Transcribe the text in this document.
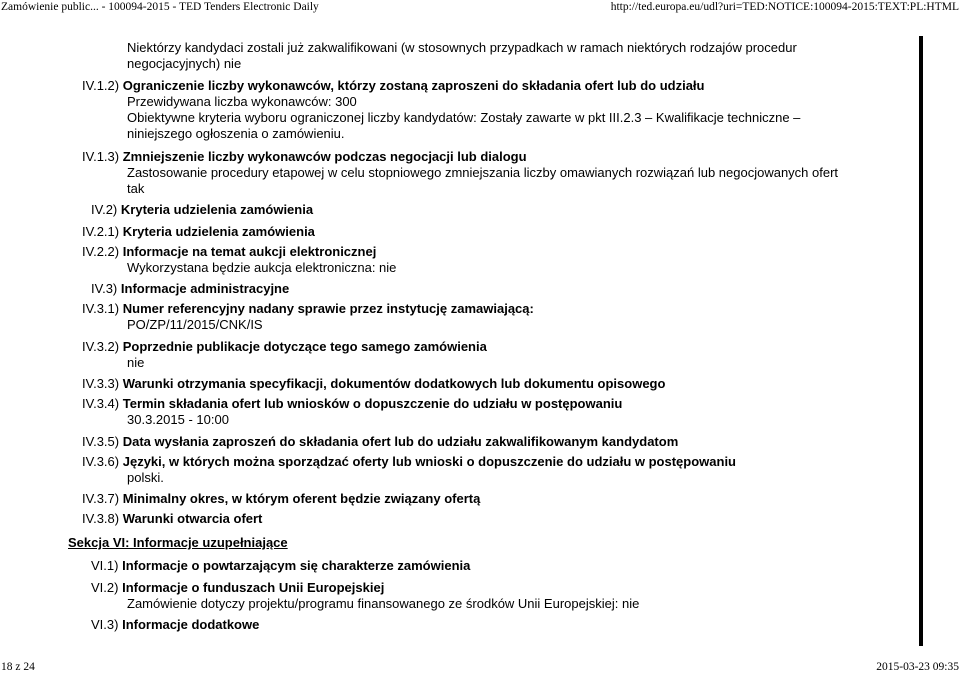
Zamówienie public... - 100094-2015 - TED Tenders Electronic Daily	http://ted.europa.eu/udl?uri=TED:NOTICE:100094-2015:TEXT:PL:HTML
Niektórzy kandydaci zostali już zakwalifikowani (w stosownych przypadkach w ramach niektórych rodzajów procedur
negocjacyjnych) nie
IV.1.2) Ograniczenie liczby wykonawców, którzy zostaną zaproszeni do składania ofert lub do udziału
Przewidywana liczba wykonawców: 300
Obiektywne kryteria wyboru ograniczonej liczby kandydatów: Zostały zawarte w pkt III.2.3 – Kwalifikacje techniczne –
niniejszego ogłoszenia o zamówieniu.
IV.1.3) Zmniejszenie liczby wykonawców podczas negocjacji lub dialogu
Zastosowanie procedury etapowej w celu stopniowego zmniejszania liczby omawianych rozwiązań lub negocjowanych ofert
tak
IV.2) Kryteria udzielenia zamówienia
IV.2.1) Kryteria udzielenia zamówienia
IV.2.2) Informacje na temat aukcji elektronicznej
Wykorzystana będzie aukcja elektroniczna: nie
IV.3) Informacje administracyjne
IV.3.1) Numer referencyjny nadany sprawie przez instytucję zamawiającą:
PO/ZP/11/2015/CNK/IS
IV.3.2) Poprzednie publikacje dotyczące tego samego zamówienia
nie
IV.3.3) Warunki otrzymania specyfikacji, dokumentów dodatkowych lub dokumentu opisowego
IV.3.4) Termin składania ofert lub wniosków o dopuszczenie do udziału w postępowaniu
30.3.2015 - 10:00
IV.3.5) Data wysłania zaproszeń do składania ofert lub do udziału zakwalifikowanym kandydatom
IV.3.6) Języki, w których można sporządzać oferty lub wnioski o dopuszczenie do udziału w postępowaniu
polski.
IV.3.7) Minimalny okres, w którym oferent będzie związany ofertą
IV.3.8) Warunki otwarcia ofert
Sekcja VI: Informacje uzupełniające
VI.1) Informacje o powtarzającym się charakterze zamówienia
VI.2) Informacje o funduszach Unii Europejskiej
Zamówienie dotyczy projektu/programu finansowanego ze środków Unii Europejskiej: nie
VI.3) Informacje dodatkowe
18 z 24	2015-03-23 09:35
